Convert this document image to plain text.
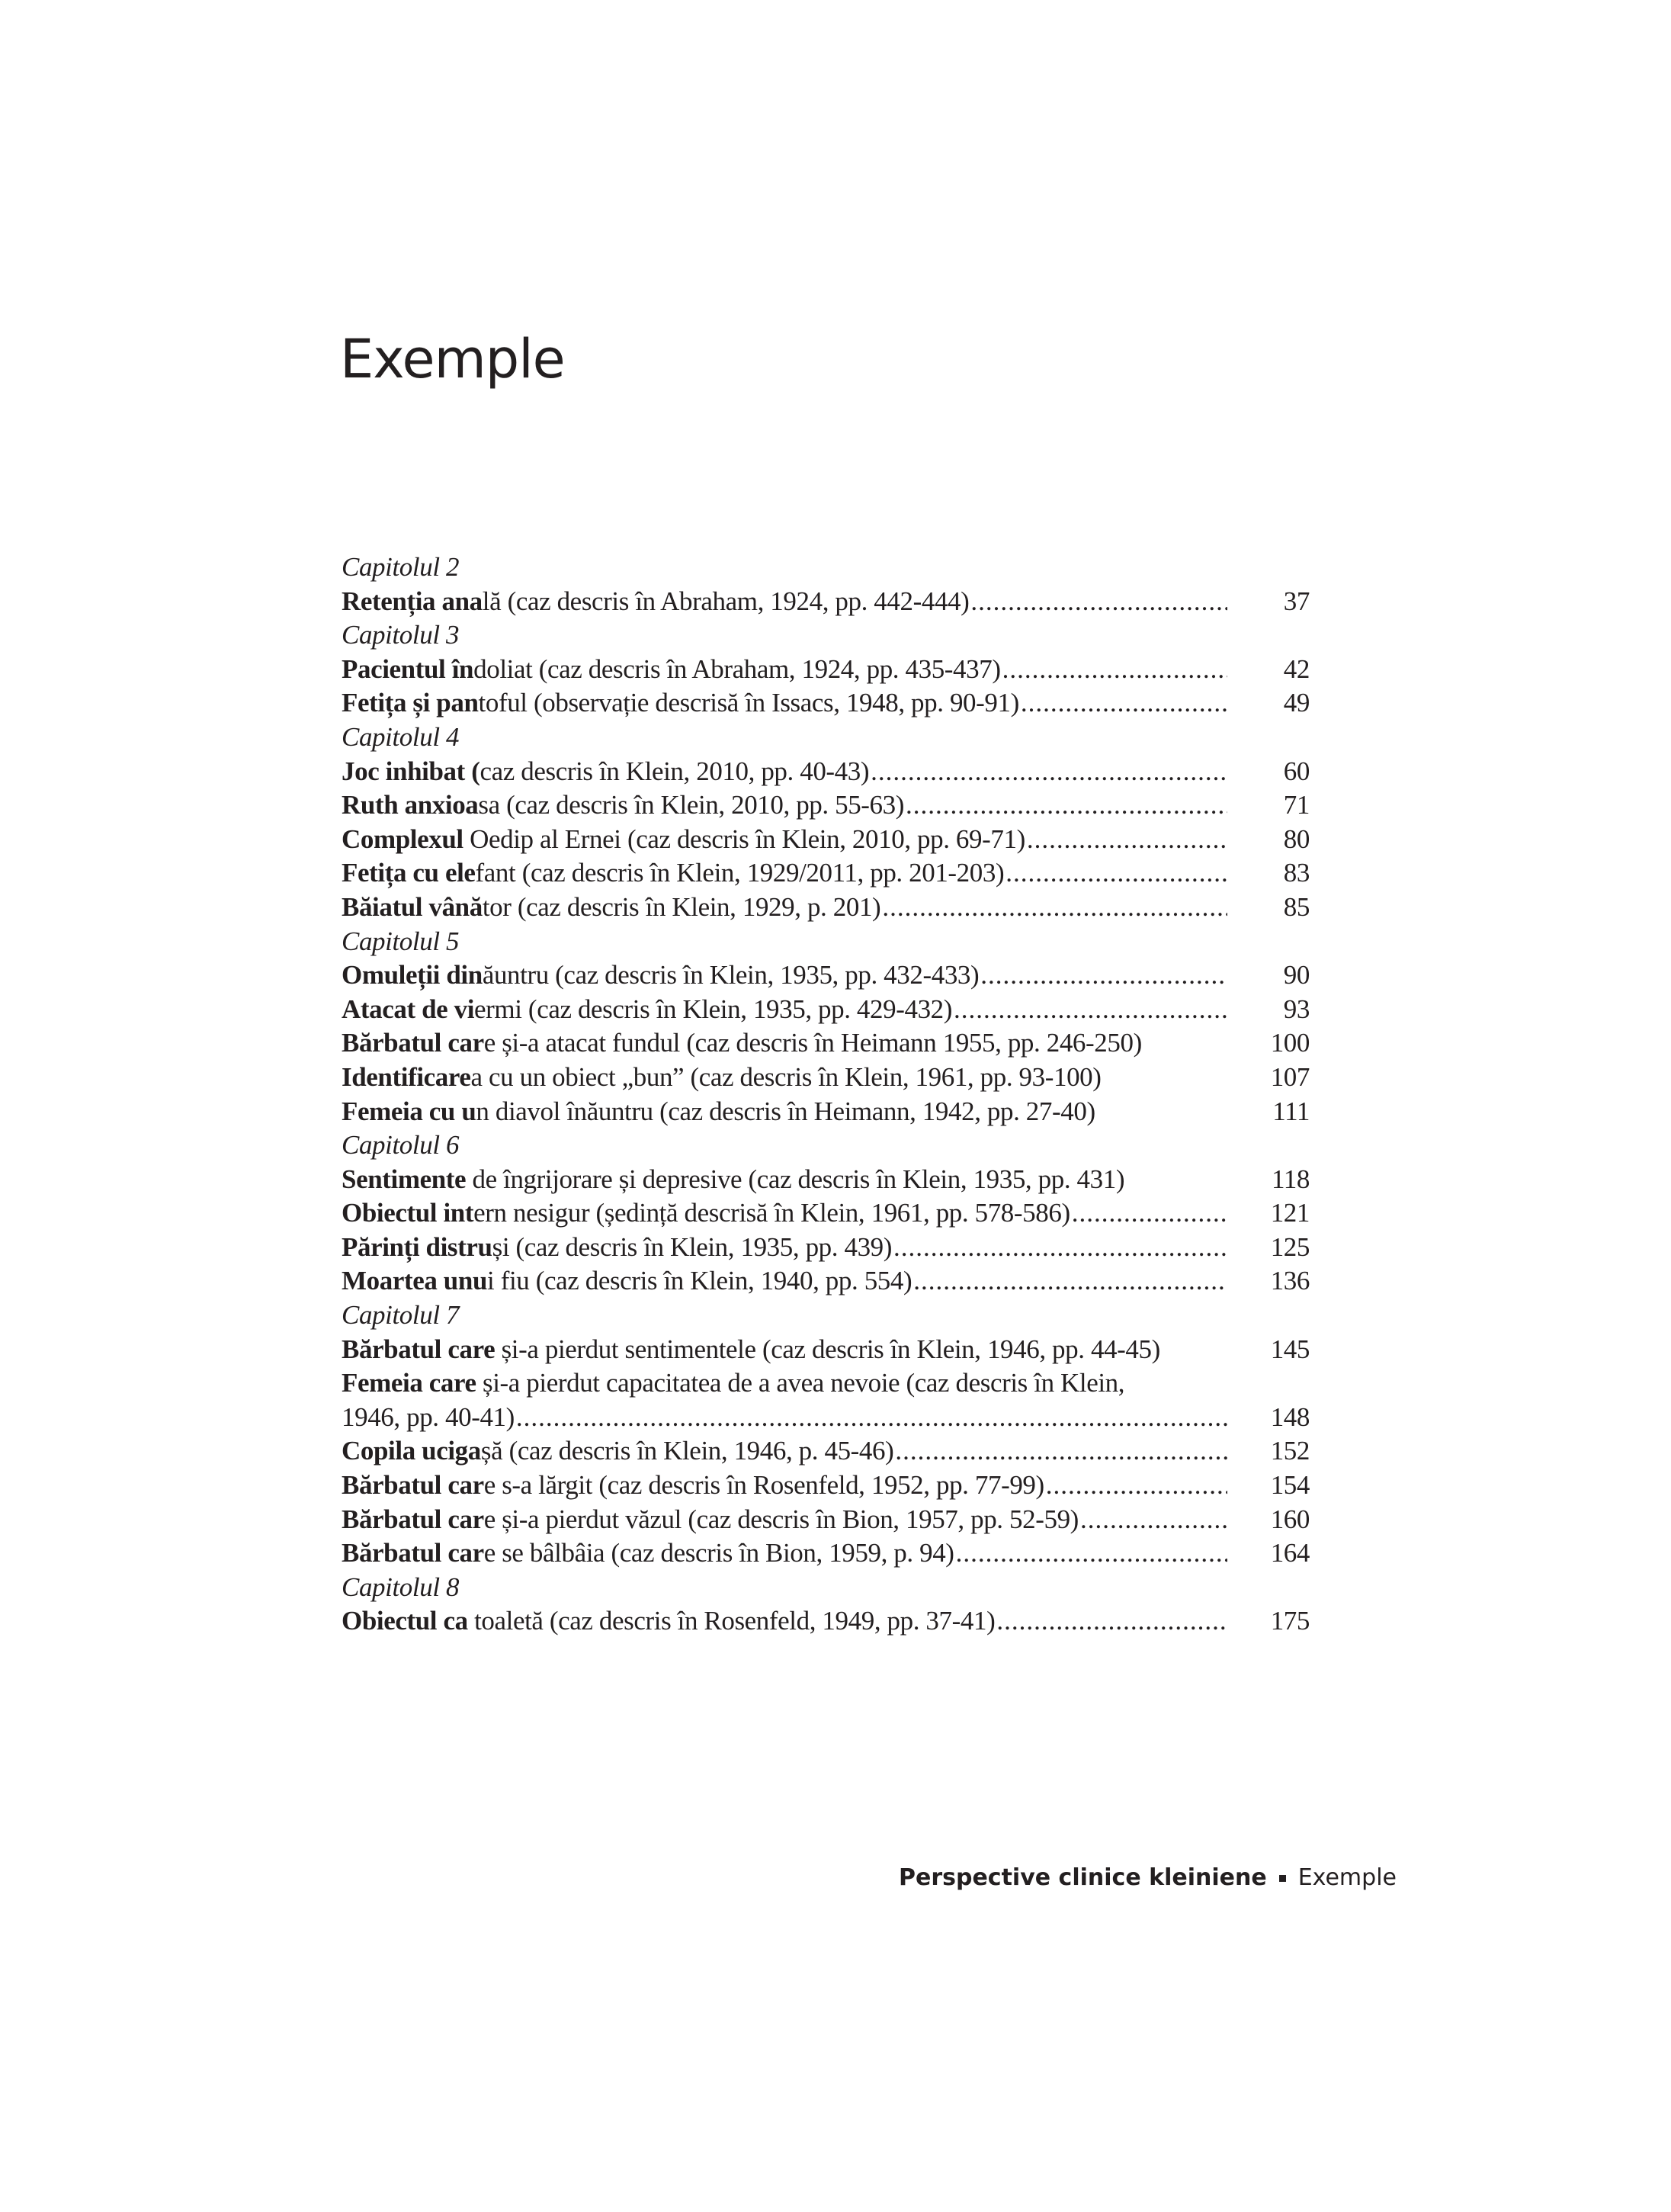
Exemple
Capitolul 2
Retenția anală (caz descris în Abraham, 1924, pp. 442-444) .....	37
Capitolul 3
Pacientul îndoliat (caz descris în Abraham, 1924, pp. 435-437) .....	42
Fetița și pantoful (observație descrisă în Issacs, 1948, pp. 90-91) .....	49
Capitolul 4
Joc inhibat (caz descris în Klein, 2010, pp. 40-43) .....	60
Ruth anxioasa (caz descris în Klein, 2010, pp. 55-63) .....	71
Complexul Oedip al Ernei (caz descris în Klein, 2010, pp. 69-71) .....	80
Fetița cu elefant (caz descris în Klein, 1929/2011, pp. 201-203) .....	83
Băiatul vânător (caz descris în Klein, 1929, p. 201) .....	85
Capitolul 5
Omuleții dinăuntru (caz descris în Klein, 1935, pp. 432-433) .....	90
Atacat de viermi (caz descris în Klein, 1935, pp. 429-432) .....	93
Bărbatul care și-a atacat fundul (caz descris în Heimann 1955, pp. 246-250)	100
Identificarea cu un obiect „bun” (caz descris în Klein, 1961, pp. 93-100)	107
Femeia cu un diavol înăuntru (caz descris în Heimann, 1942, pp. 27-40)	111
Capitolul 6
Sentimente de îngrijorare și depresive (caz descris în Klein, 1935, pp. 431)	118
Obiectul intern nesigur (ședință descrisă în Klein, 1961, pp. 578-586) .....	121
Părinți distruși (caz descris în Klein, 1935, pp. 439) .....	125
Moartea unui fiu (caz descris în Klein, 1940, pp. 554) .....	136
Capitolul 7
Bărbatul care și-a pierdut sentimentele (caz descris în Klein, 1946, pp. 44-45)	145
Femeia care și-a pierdut capacitatea de a avea nevoie (caz descris în Klein,
1946, pp. 40-41) .....	148
Copila ucigașă (caz descris în Klein, 1946, p. 45-46) .....	152
Bărbatul care s-a lărgit (caz descris în Rosenfeld, 1952, pp. 77-99) .....	154
Bărbatul care și-a pierdut văzul (caz descris în Bion, 1957, pp. 52-59) .....	160
Bărbatul care se bâlbâia (caz descris în Bion, 1959, p. 94) .....	164
Capitolul 8
Obiectul ca toaletă (caz descris în Rosenfeld, 1949, pp. 37-41) .....	175
Perspective clinice kleiniene Exemple
